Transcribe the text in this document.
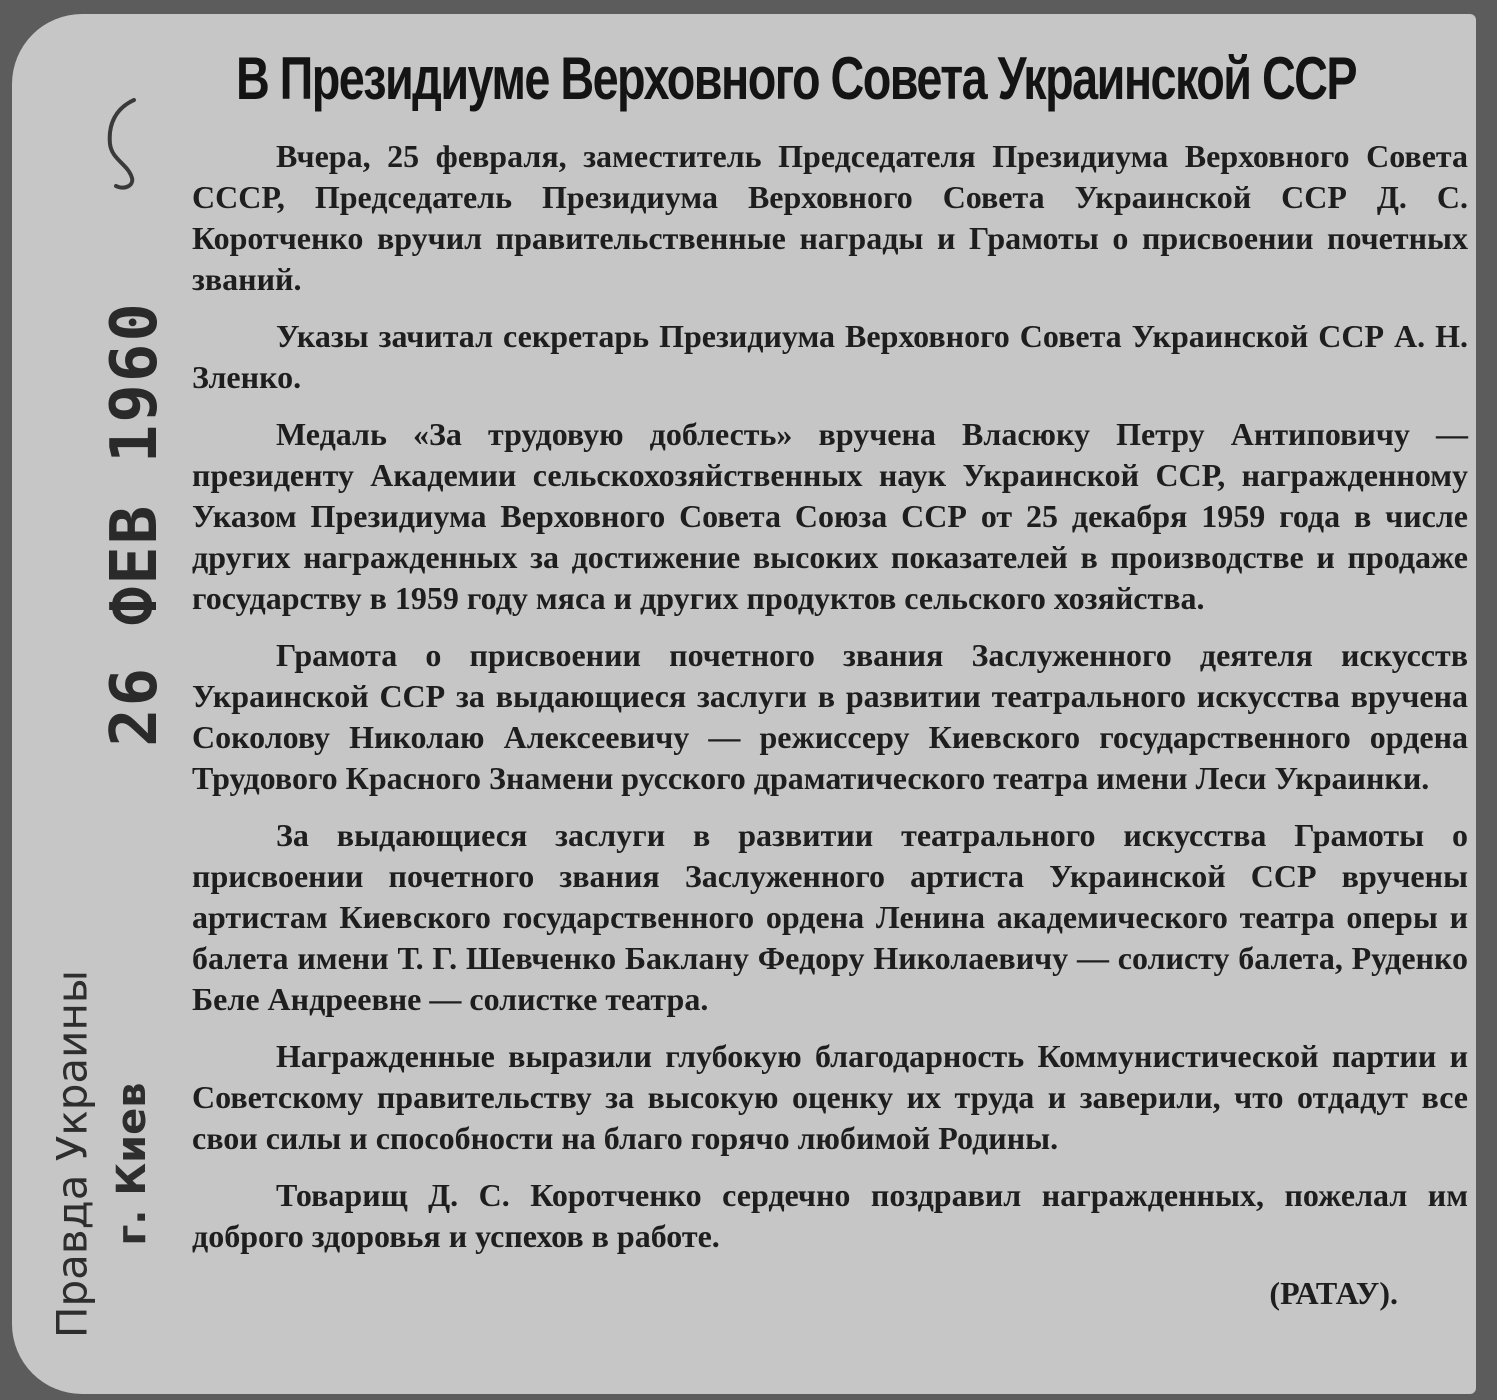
26 ФЕВ 1960
Правда Украины г. Киев
В Президиуме Верховного Совета Украинской ССР

Вчера, 25 февраля, заместитель Председателя Президиума Верховного Совета СССР, Председатель Президиума Верховного Совета Украинской ССР Д. С. Коротченко вручил правительственные награды и Грамоты о присвоении почетных званий.

Указы зачитал секретарь Президиума Верховного Совета Украинской ССР А. Н. Зленко.

Медаль «За трудовую доблесть» вручена Власюку Петру Антиповичу — президенту Академии сельскохозяйственных наук Украинской ССР, награжденному Указом Президиума Верховного Совета Союза ССР от 25 декабря 1959 года в числе других награжденных за достижение высоких показателей в производстве и продаже государству в 1959 году мяса и других продуктов сельского хозяйства.

Грамота о присвоении почетного звания Заслуженного деятеля искусств Украинской ССР за выдающиеся заслуги в развитии театрального искусства вручена Соколову Николаю Алексеевичу — режиссеру Киевского государственного ордена Трудового Красного Знамени русского драматического театра имени Леси Украинки.

За выдающиеся заслуги в развитии театрального искусства Грамоты о присвоении почетного звания Заслуженного артиста Украинской ССР вручены артистам Киевского государственного ордена Ленина академического театра оперы и балета имени Т. Г. Шевченко Баклану Федору Николаевичу — солисту балета, Руденко Беле Андреевне — солистке театра.

Награжденные выразили глубокую благодарность Коммунистической партии и Советскому правительству за высокую оценку их труда и заверили, что отдадут все свои силы и способности на благо горячо любимой Родины.

Товарищ Д. С. Коротченко сердечно поздравил награжденных, пожелал им доброго здоровья и успехов в работе.

(РАТАУ).
